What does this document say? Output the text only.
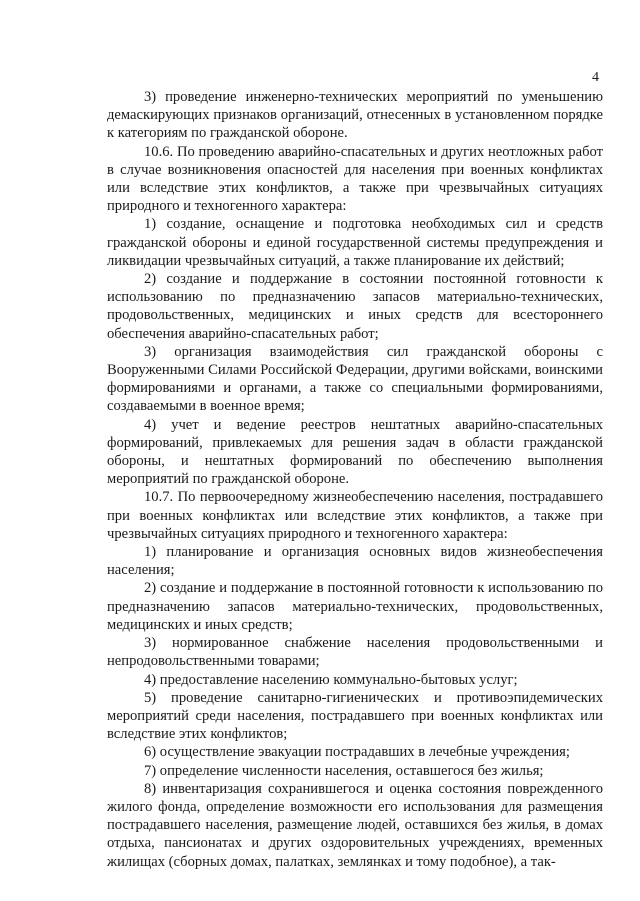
4

3) проведение инженерно-технических мероприятий по уменьшению демаскирующих признаков организаций, отнесенных в установленном порядке к категориям по гражданской обороне.

10.6. По проведению аварийно-спасательных и других неотложных работ в случае возникновения опасностей для населения при военных конфликтах или вследствие этих конфликтов, а также при чрезвычайных ситуациях природного и техногенного характера:

1) создание, оснащение и подготовка необходимых сил и средств гражданской обороны и единой государственной системы предупреждения и ликвидации чрезвычайных ситуаций, а также планирование их действий;

2) создание и поддержание в состоянии постоянной готовности к использованию по предназначению запасов материально-технических, продовольственных, медицинских и иных средств для всестороннего обеспечения аварийно-спасательных работ;

3) организация взаимодействия сил гражданской обороны с Вооруженными Силами Российской Федерации, другими войсками, воинскими формированиями и органами, а также со специальными формированиями, создаваемыми в военное время;

4) учет и ведение реестров нештатных аварийно-спасательных формирований, привлекаемых для решения задач в области гражданской обороны, и нештатных формирований по обеспечению выполнения мероприятий по гражданской обороне.

10.7. По первоочередному жизнеобеспечению населения, пострадавшего при военных конфликтах или вследствие этих конфликтов, а также при чрезвычайных ситуациях природного и техногенного характера:

1) планирование и организация основных видов жизнеобеспечения населения;

2) создание и поддержание в постоянной готовности к использованию по предназначению запасов материально-технических, продовольственных, медицинских и иных средств;

3) нормированное снабжение населения продовольственными и непродовольственными товарами;

4) предоставление населению коммунально-бытовых услуг;

5) проведение санитарно-гигиенических и противоэпидемических мероприятий среди населения, пострадавшего при военных конфликтах или вследствие этих конфликтов;

6) осуществление эвакуации пострадавших в лечебные учреждения;

7) определение численности населения, оставшегося без жилья;

8) инвентаризация сохранившегося и оценка состояния поврежденного жилого фонда, определение возможности его использования для размещения пострадавшего населения, размещение людей, оставшихся без жилья, в домах отдыха, пансионатах и других оздоровительных учреждениях, временных жилищах (сборных домах, палатках, землянках и тому подобное), а так-
